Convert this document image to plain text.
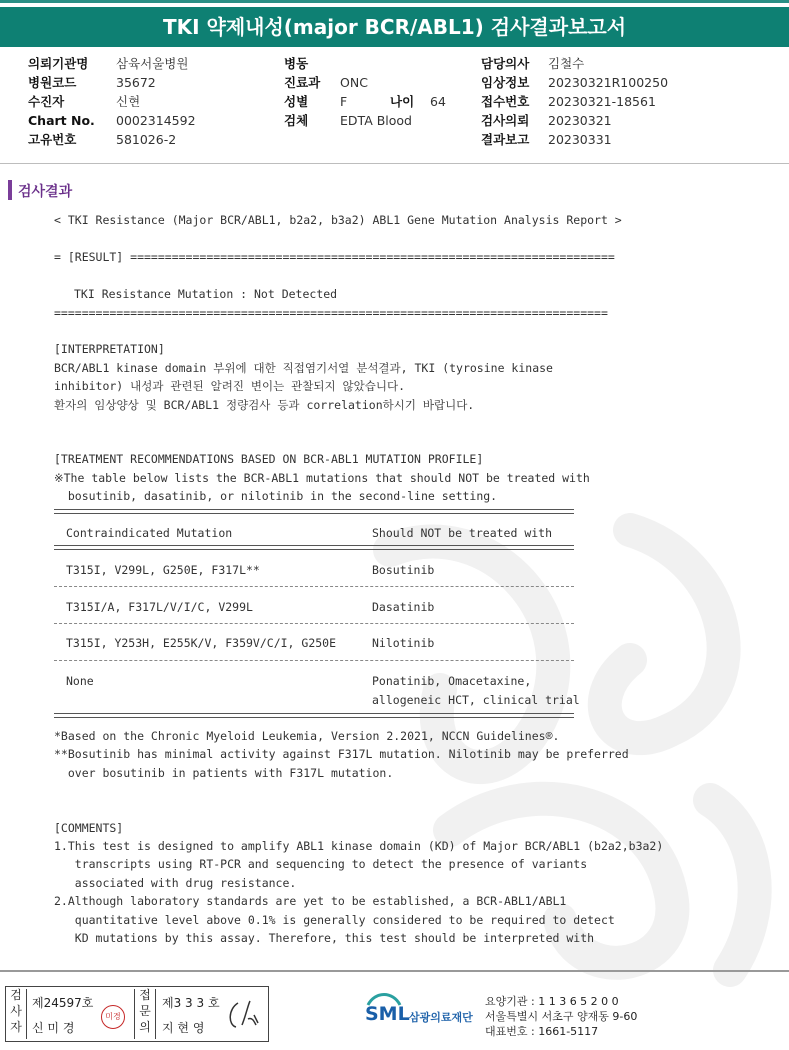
TKI 약제내성(major BCR/ABL1) 검사결과보고서
의뢰기관명 삼육서울병원
병원코드	35672
수진자	신현
Chart No. 0002314592
고유번호	581026-2
병동
진료과 ONC
성별	F	나이 64
검체	EDTA Blood
담당의사 김철수
임상정보 20230321R100250
접수번호 20230321-18561
검사의뢰 20230321
결과보고 20230331
검사결과
< TKI Resistance (Major BCR/ABL1, b2a2, b3a2) ABL1 Gene Mutation Analysis Report >
= [RESULT] ======================================================================
TKI Resistance Mutation : Not Detected
================================================================================
[INTERPRETATION]
BCR/ABL1 kinase domain 부위에 대한 직접염기서열 분석결과, TKI (tyrosine kinase
inhibitor) 내성과 관련된 알려진 변이는 관찰되지 않았습니다.
환자의 임상양상 및 BCR/ABL1 정량검사 등과 correlation하시기 바랍니다.
[TREATMENT RECOMMENDATIONS BASED ON BCR-ABL1 MUTATION PROFILE]
※The table below lists the BCR-ABL1 mutations that should NOT be treated with
bosutinib, dasatinib, or nilotinib in the second-line setting.
Contraindicated Mutation	Should NOT be treated with
T315I, V299L, G250E, F317L**	Bosutinib
T315I/A, F317L/V/I/C, V299L	Dasatinib
T315I, Y253H, E255K/V, F359V/C/I, G250E	Nilotinib
None	Ponatinib, Omacetaxine,
allogeneic HCT, clinical trial
*Based on the Chronic Myeloid Leukemia, Version 2.2021, NCCN Guidelines®.
**Bosutinib has minimal activity against F317L mutation. Nilotinib may be preferred
over bosutinib in patients with F317L mutation.
[COMMENTS]
1.This test is designed to amplify ABL1 kinase domain (KD) of Major BCR/ABL1 (b2a2,b3a2)
transcripts using RT-PCR and sequencing to detect the presence of variants
associated with drug resistance.
2.Although laboratory standards are yet to be established, a BCR-ABL1/ABL1
quantitative level above 0.1% is generally considered to be required to detect
KD mutations by this assay. Therefore, this test should be interpreted with
검
사
자
제24597호
신 미 경
미경
접
문
의
제3 3 3 호
지 현 영
SML 삼광의료재단
요양기관 : 1 1 3 6 5 2 0 0
서울특별시 서초구 양재동 9-60
대표번호 : 1661-5117
